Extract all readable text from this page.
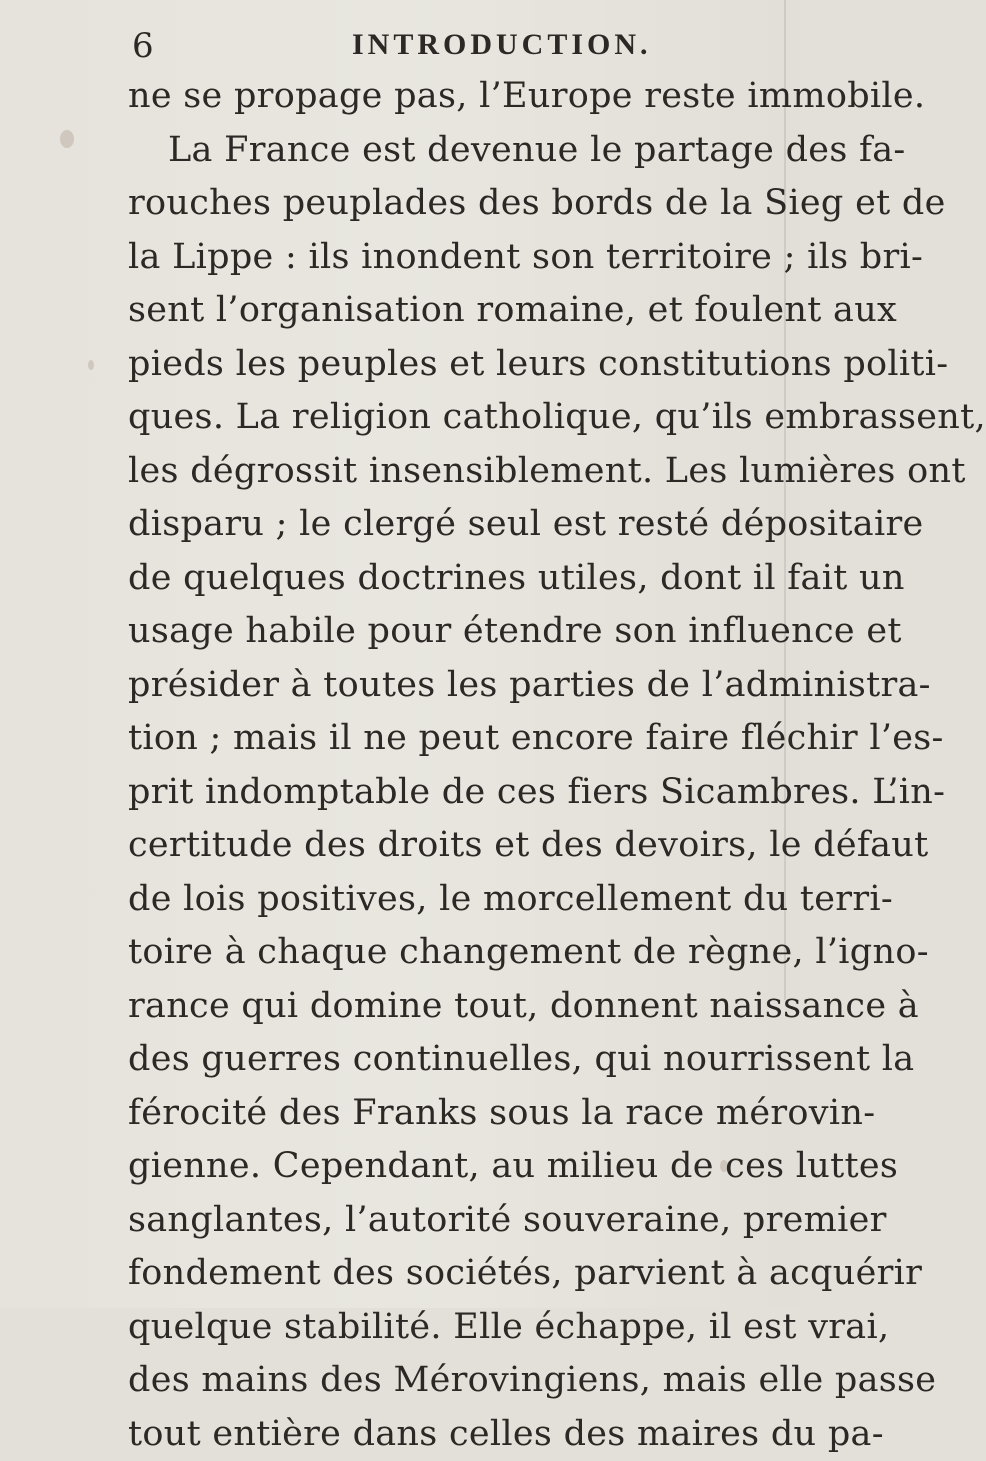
6	INTRODUCTION.
ne se propage pas, l’Europe reste immobile.
La France est devenue le partage des fa-
rouches peuplades des bords de la Sieg et de
la Lippe : ils inondent son territoire ; ils bri-
sent l’organisation romaine, et foulent aux
pieds les peuples et leurs constitutions politi-
ques. La religion catholique, qu’ils embrassent,
les dégrossit insensiblement. Les lumières ont
disparu ; le clergé seul est resté dépositaire
de quelques doctrines utiles, dont il fait un
usage habile pour étendre son influence et
présider à toutes les parties de l’administra-
tion ; mais il ne peut encore faire fléchir l’es-
prit indomptable de ces fiers Sicambres. L’in-
certitude des droits et des devoirs, le défaut
de lois positives, le morcellement du terri-
toire à chaque changement de règne, l’igno-
rance qui domine tout, donnent naissance à
des guerres continuelles, qui nourrissent la
férocité des Franks sous la race mérovin-
gienne. Cependant, au milieu de ces luttes
sanglantes, l’autorité souveraine, premier
fondement des sociétés, parvient à acquérir
quelque stabilité. Elle échappe, il est vrai,
des mains des Mérovingiens, mais elle passe
tout entière dans celles des maires du pa-
